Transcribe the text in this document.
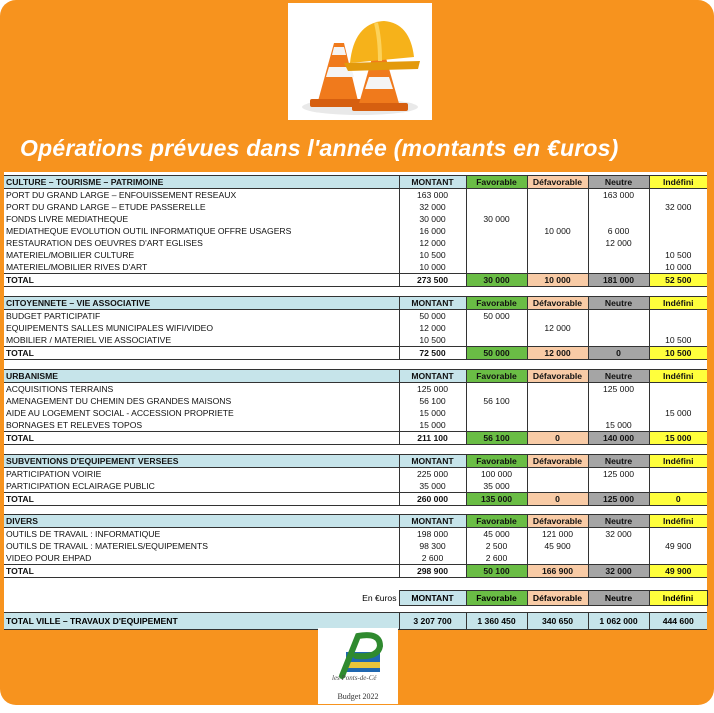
Opérations prévues dans l'année (montants en €uros)
CULTURE – TOURISME – PATRIMOINE	MONTANT	Favorable	Défavorable	Neutre	Indéfini
PORT DU GRAND LARGE – ENFOUISSEMENT RESEAUX	163 000			163 000	
PORT DU GRAND LARGE – ETUDE PASSERELLE	32 000				32 000
FONDS LIVRE MEDIATHEQUE	30 000	30 000			
MEDIATHEQUE EVOLUTION OUTIL INFORMATIQUE OFFRE USAGERS	16 000		10 000	6 000	
RESTAURATION DES OEUVRES D'ART EGLISES	12 000			12 000	
MATERIEL/MOBILIER CULTURE	10 500				10 500
MATERIEL/MOBILIER RIVES D'ART	10 000				10 000
TOTAL	273 500	30 000	10 000	181 000	52 500
CITOYENNETE – VIE ASSOCIATIVE	MONTANT	Favorable	Défavorable	Neutre	Indéfini
BUDGET PARTICIPATIF	50 000	50 000			
EQUIPEMENTS SALLES MUNICIPALES WIFI/VIDEO	12 000		12 000		
MOBILIER / MATERIEL VIE ASSOCIATIVE	10 500				10 500
TOTAL	72 500	50 000	12 000	0	10 500
URBANISME	MONTANT	Favorable	Défavorable	Neutre	Indéfini
ACQUISITIONS TERRAINS	125 000			125 000	
AMENAGEMENT DU CHEMIN DES GRANDES MAISONS	56 100	56 100			
AIDE AU LOGEMENT SOCIAL - ACCESSION PROPRIETE	15 000				15 000
BORNAGES ET RELEVES TOPOS	15 000			15 000	
TOTAL	211 100	56 100	0	140 000	15 000
SUBVENTIONS D'EQUIPEMENT VERSEES	MONTANT	Favorable	Défavorable	Neutre	Indéfini
PARTICIPATION VOIRIE	225 000	100 000		125 000	
PARTICIPATION ECLAIRAGE PUBLIC	35 000	35 000			
TOTAL	260 000	135 000	0	125 000	0
DIVERS	MONTANT	Favorable	Défavorable	Neutre	Indéfini
OUTILS DE TRAVAIL : INFORMATIQUE	198 000	45 000	121 000	32 000	
OUTILS DE TRAVAIL : MATERIELS/EQUIPEMENTS	98 300	2 500	45 900		49 900
VIDEO POUR EHPAD	2 600	2 600			
TOTAL	298 900	50 100	166 900	32 000	49 900
En €uros	MONTANT	Favorable	Défavorable	Neutre	Indéfini

TOTAL VILLE – TRAVAUX D'EQUIPEMENT	3 207 700	1 360 450	340 650	1 062 000	444 600
les Ponts-de-Cé
Budget 2022
